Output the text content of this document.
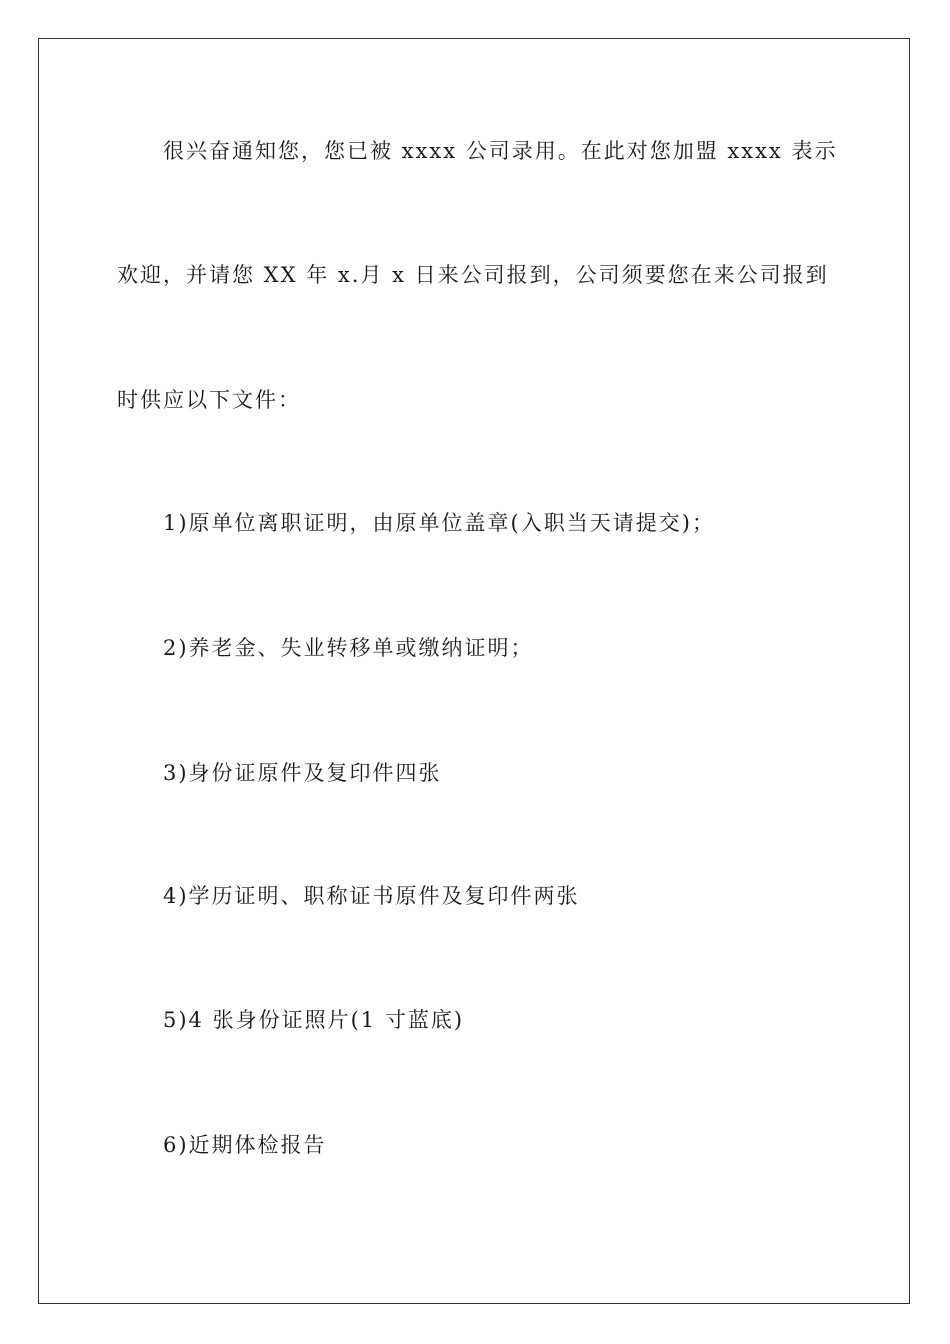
很兴奋通知您，您已被 xxxx 公司录用。在此对您加盟 xxxx 表示
欢迎，并请您 XX 年 x.月 x 日来公司报到，公司须要您在来公司报到
时供应以下文件：
1)原单位离职证明，由原单位盖章(入职当天请提交)；
2)养老金、失业转移单或缴纳证明；
3)身份证原件及复印件四张
4)学历证明、职称证书原件及复印件两张
5)4 张身份证照片(1 寸蓝底)
6)近期体检报告
